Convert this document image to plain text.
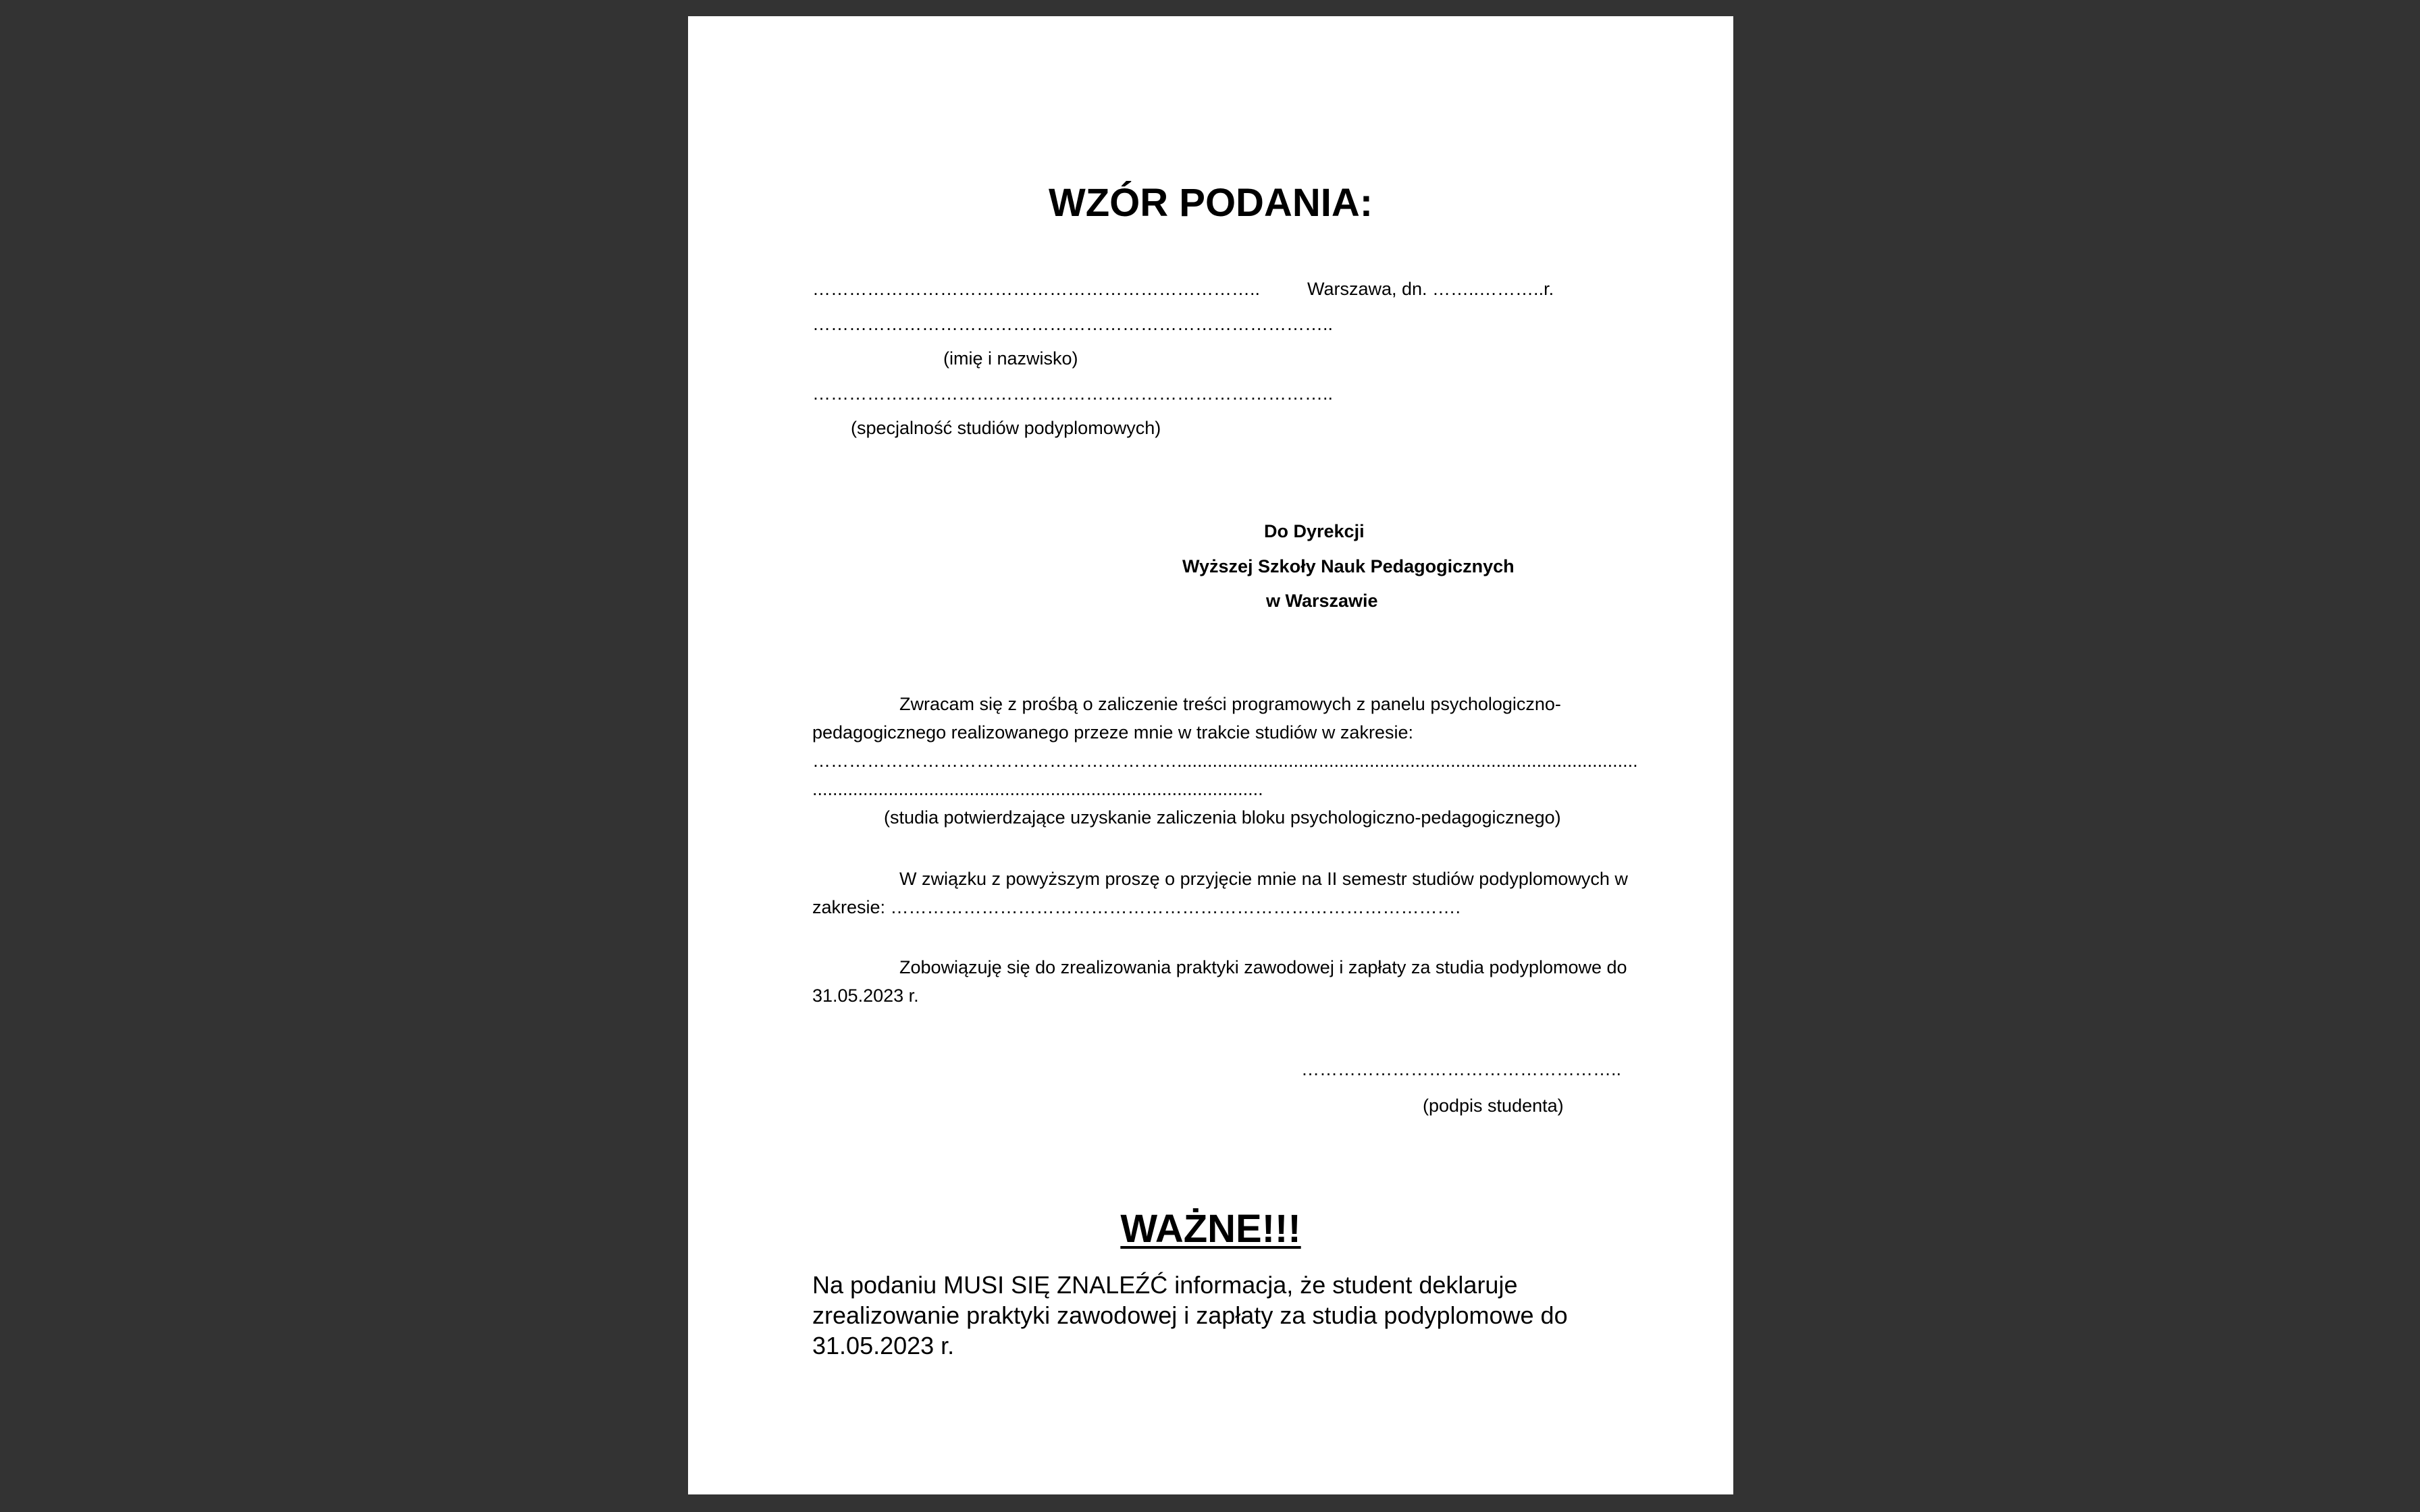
WZÓR PODANIA:
………………………………………………………………..	Warszawa, dn. ……..………..r.
…………………………………………………………………………..
(imię i nazwisko)
…………………………………………………………………………..
(specjalność studiów podyplomowych)
Do Dyrekcji
Wyższej Szkoły Nauk Pedagogicznych
w Warszawie
Zwracam się z prośbą o zaliczenie treści programowych z panelu psychologiczno-
pedagogicznego realizowanego przeze mnie w trakcie studiów w zakresie:
……………………………………………………...........................................................................................
.........................................................................................
(studia potwierdzające uzyskanie zaliczenia bloku psychologiczno-pedagogicznego)
W związku z powyższym proszę o przyjęcie mnie na II semestr studiów podyplomowych w
zakresie: ………………………………………………………………………………….
Zobowiązuję się do zrealizowania praktyki zawodowej i zapłaty za studia podyplomowe do
31.05.2023 r.
……………………………………………..
(podpis studenta)
WAŻNE!!!
Na podaniu MUSI SIĘ ZNALEŹĆ informacja, że student deklaruje
zrealizowanie praktyki zawodowej i zapłaty za studia podyplomowe do
31.05.2023 r.
